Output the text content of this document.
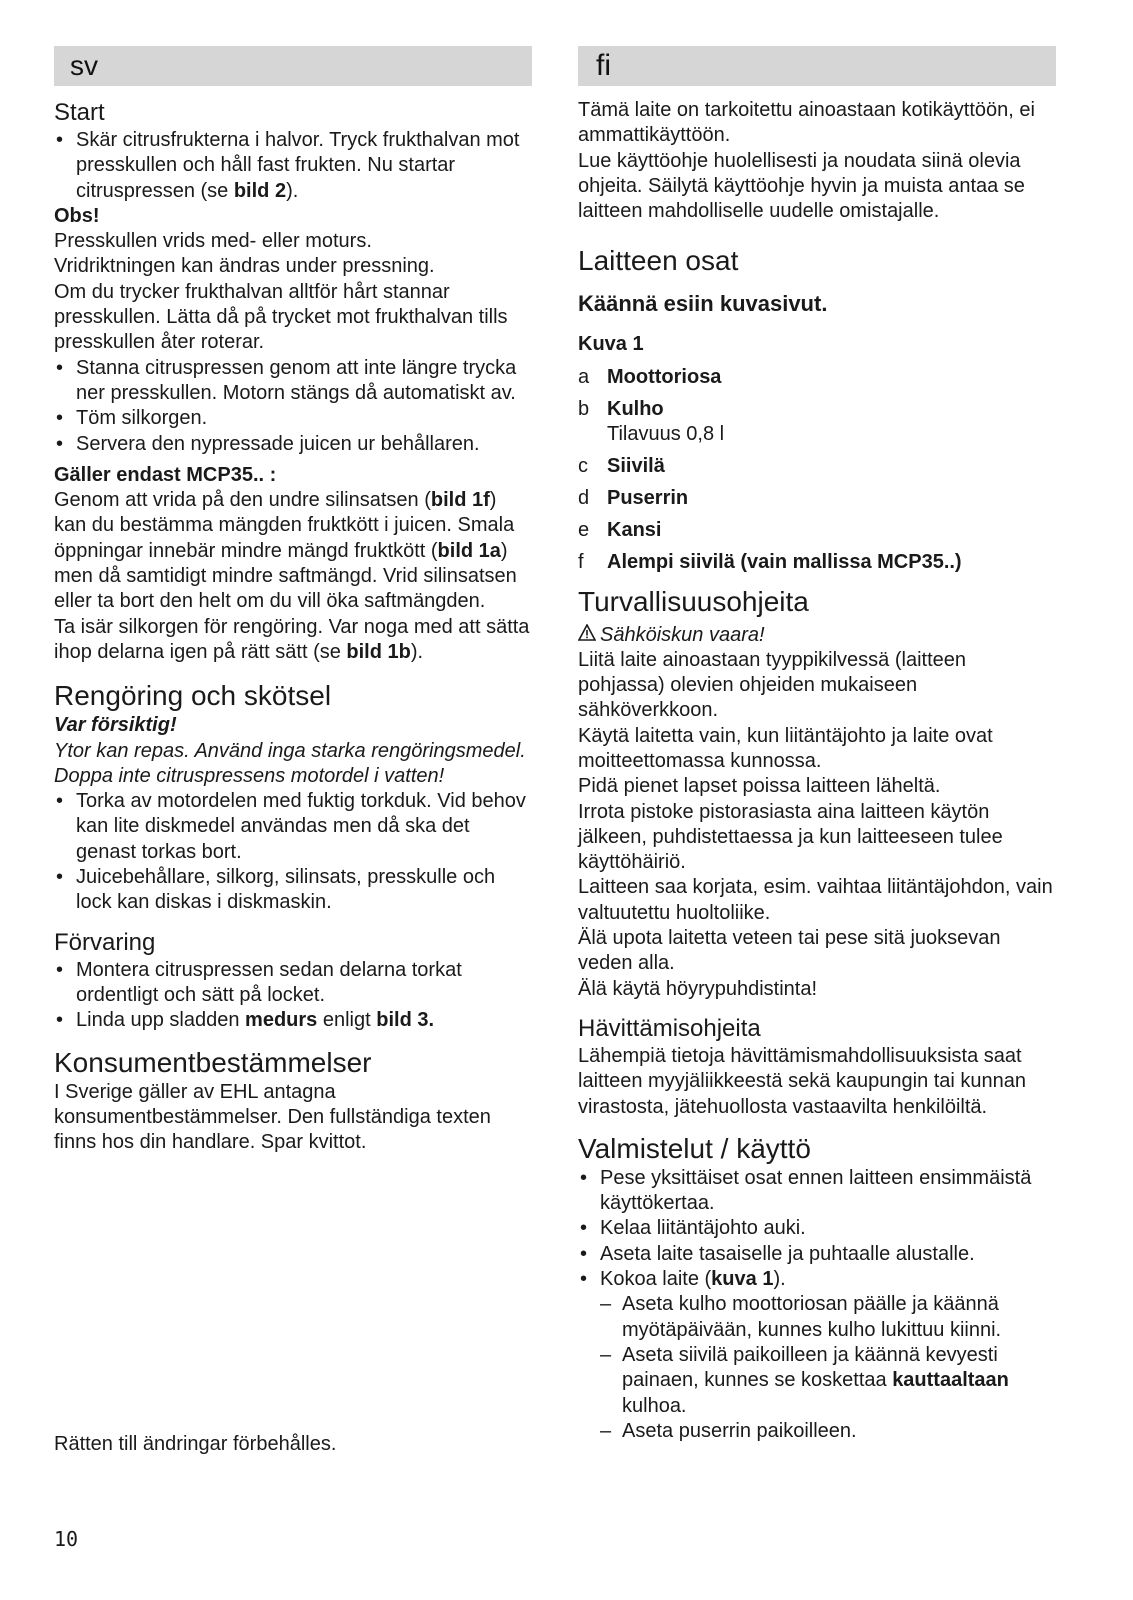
sv
Start
• Skär citrusfrukterna i halvor. Tryck frukthalvan mot presskullen och håll fast frukten. Nu startar citruspressen (se bild 2).

Obs!

Presskullen vrids med- eller moturs.

Vridriktningen kan ändras under pressning.

Om du trycker frukthalvan alltför hårt stannar presskullen. Lätta då på trycket mot frukthalvan tills presskullen åter roterar.

• Stanna citruspressen genom att inte längre trycka ner presskullen. Motorn stängs då automatiskt av.
• Töm silkorgen.
• Servera den nypressade juicen ur behållaren.

Gäller endast MCP35.. :

Genom att vrida på den undre silinsatsen (bild 1f) kan du bestämma mängden fruktkött i juicen. Smala öppningar innebär mindre mängd fruktkött (bild 1a) men då samtidigt mindre saftmängd. Vrid silinsatsen eller ta bort den helt om du vill öka saftmängden.

Ta isär silkorgen för rengöring. Var noga med att sätta ihop delarna igen på rätt sätt (se bild 1b).

Rengöring och skötsel

Var försiktig!

Ytor kan repas. Använd inga starka rengöringsmedel. Doppa inte citruspressens motordel i vatten!

• Torka av motordelen med fuktig torkduk. Vid behov kan lite diskmedel användas men då ska det genast torkas bort.
• Juicebehållare, silkorg, silinsats, presskulle och lock kan diskas i diskmaskin.
Förvaring
• Montera citruspressen sedan delarna torkat ordentligt och sätt på locket.
• Linda upp sladden medurs enligt bild 3.
Konsumentbestämmelser

I Sverige gäller av EHL antagna konsumentbestämmelser. Den fullständiga texten finns hos din handlare. Spar kvittot.

Rätten till ändringar förbehålles.

fi

Tämä laite on tarkoitettu ainoastaan kotikäyttöön, ei ammattikäyttöön.

Lue käyttöohje huolellisesti ja noudata siinä olevia ohjeita. Säilytä käyttöohje hyvin ja muista antaa se laitteen mahdolliselle uudelle omistajalle.

Laitteen osat
Käännä esiin kuvasivut.

Kuva 1

a Moottoriosa
b Kulho
Tilavuus 0,8 l
c Siivilä
d Puserrin
e Kansi
f	Alempi siivilä (vain mallissa MCP35..)
Turvallisuusohjeita

Sähköiskun vaara!

Liitä laite ainoastaan tyyppikilvessä (laitteen pohjassa) olevien ohjeiden mukaiseen sähköverkkoon.

Käytä laitetta vain, kun liitäntäjohto ja laite ovat moitteettomassa kunnossa.

Pidä pienet lapset poissa laitteen läheltä.

Irrota pistoke pistorasiasta aina laitteen käytön jälkeen, puhdistettaessa ja kun laitteeseen tulee käyttöhäiriö.

Laitteen saa korjata, esim. vaihtaa liitäntäjohdon, vain valtuutettu huoltoliike.

Älä upota laitetta veteen tai pese sitä juoksevan veden alla.

Älä käytä höyrypuhdistinta!

Hävittämisohjeita

Lähempiä tietoja hävittämismahdollisuuksista saat laitteen myyjäliikkeestä sekä kaupungin tai kunnan virastosta, jätehuollosta vastaavilta henkilöiltä.

Valmistelut / käyttö
• Pese yksittäiset osat ennen laitteen ensimmäistä käyttökertaa.
• Kelaa liitäntäjohto auki.
• Aseta laite tasaiselle ja puhtaalle alustalle.
• Kokoa laite (kuva 1).
– Aseta kulho moottoriosan päälle ja käännä myötäpäivään, kunnes kulho lukittuu kiinni.
– Aseta siivilä paikoilleen ja käännä kevyesti painaen, kunnes se koskettaa kauttaaltaan kulhoa.
– Aseta puserrin paikoilleen.
10
